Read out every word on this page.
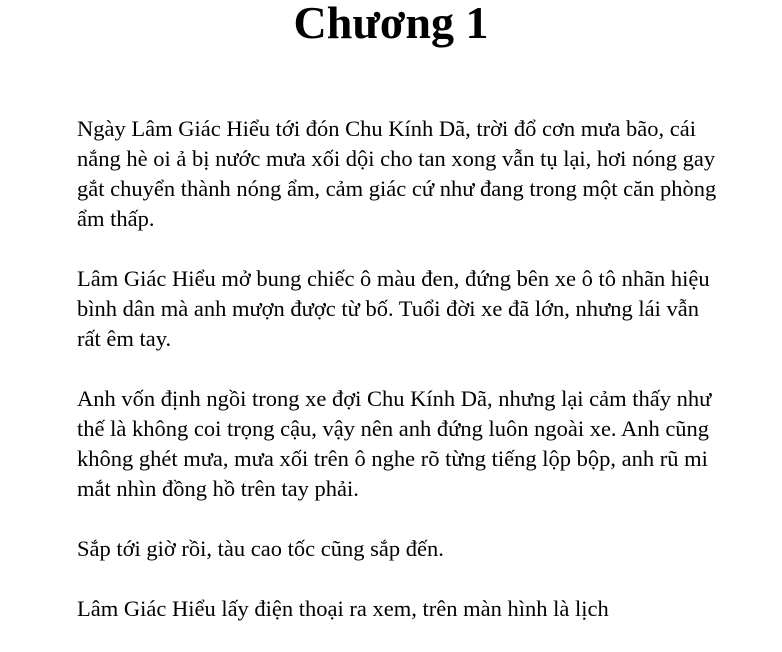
Chương 1

Ngày Lâm Giác Hiểu tới đón Chu Kính Dã, trời đổ cơn mưa bão, cái nắng hè oi ả bị nước mưa xối dội cho tan xong vẫn tụ lại, hơi nóng gay gắt chuyển thành nóng ẩm, cảm giác cứ như đang trong một căn phòng ẩm thấp.

Lâm Giác Hiểu mở bung chiếc ô màu đen, đứng bên xe ô tô nhãn hiệu bình dân mà anh mượn được từ bố. Tuổi đời xe đã lớn, nhưng lái vẫn rất êm tay.

Anh vốn định ngồi trong xe đợi Chu Kính Dã, nhưng lại cảm thấy như thế là không coi trọng cậu, vậy nên anh đứng luôn ngoài xe. Anh cũng không ghét mưa, mưa xối trên ô nghe rõ từng tiếng lộp bộp, anh rũ mi mắt nhìn đồng hồ trên tay phải.

Sắp tới giờ rồi, tàu cao tốc cũng sắp đến.

Lâm Giác Hiểu lấy điện thoại ra xem, trên màn hình là lịch
